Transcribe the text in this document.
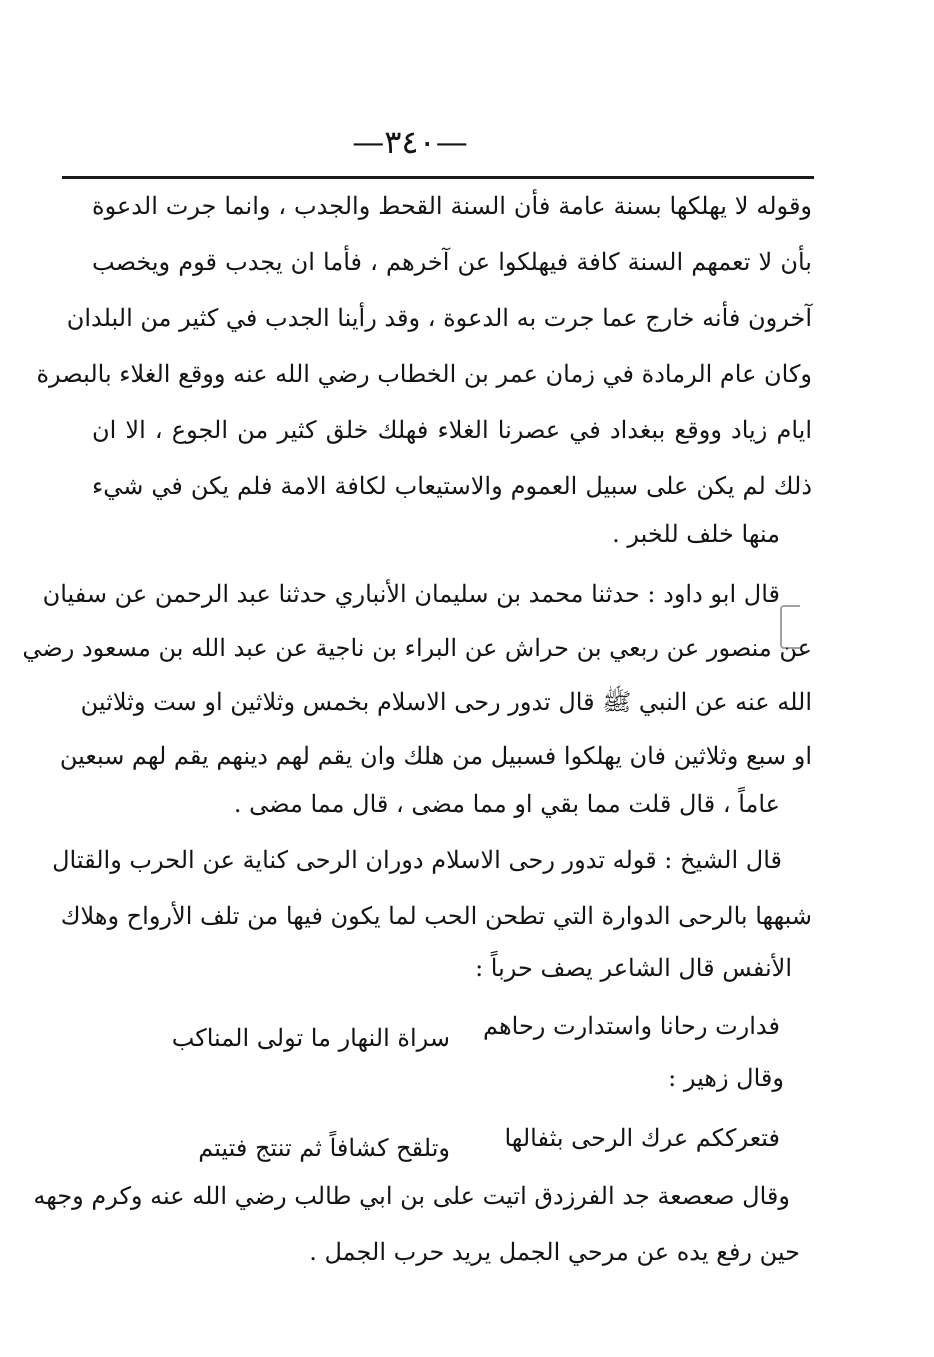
—٣٤٠—
وقوله لا يهلكها بسنة عامة فأن السنة القحط والجدب ، وانما جرت الدعوة
بأن لا تعمهم السنة كافة فيهلكوا عن آخرهم ، فأما ان يجدب قوم ويخصب
آخرون فأنه خارج عما جرت به الدعوة ، وقد رأينا الجدب في كثير من البلدان
وكان عام الرمادة في زمان عمر بن الخطاب رضي الله عنه ووقع الغلاء بالبصرة
ايام زياد ووقع ببغداد في عصرنا الغلاء فهلك خلق كثير من الجوع ، الا ان
ذلك لم يكن على سبيل العموم والاستيعاب لكافة الامة فلم يكن في شيء
منها خلف للخبر .
قال ابو داود : حدثنا محمد بن سليمان الأنباري حدثنا عبد الرحمن عن سفيان
عن منصور عن ربعي بن حراش عن البراء بن ناجية عن عبد الله بن مسعود رضي
الله عنه عن النبي ﷺ قال تدور رحى الاسلام بخمس وثلاثين او ست وثلاثين
او سبع وثلاثين فان يهلكوا فسبيل من هلك وان يقم لهم دينهم يقم لهم سبعين
عاماً ، قال قلت مما بقي او مما مضى ، قال مما مضى .
قال الشيخ : قوله تدور رحى الاسلام دوران الرحى كناية عن الحرب والقتال
شبهها بالرحى الدوارة التي تطحن الحب لما يكون فيها من تلف الأرواح وهلاك
الأنفس قال الشاعر يصف حرباً :
فدارت رحانا واستدارت رحاهم
سراة النهار ما تولى المناكب
وقال زهير :
فتعرككم عرك الرحى بثفالها
وتلقح كشافاً ثم تنتج فتيتم
وقال صعصعة جد الفرزدق اتيت على بن ابي طالب رضي الله عنه وكرم وجهه
حين رفع يده عن مرحي الجمل يريد حرب الجمل .
